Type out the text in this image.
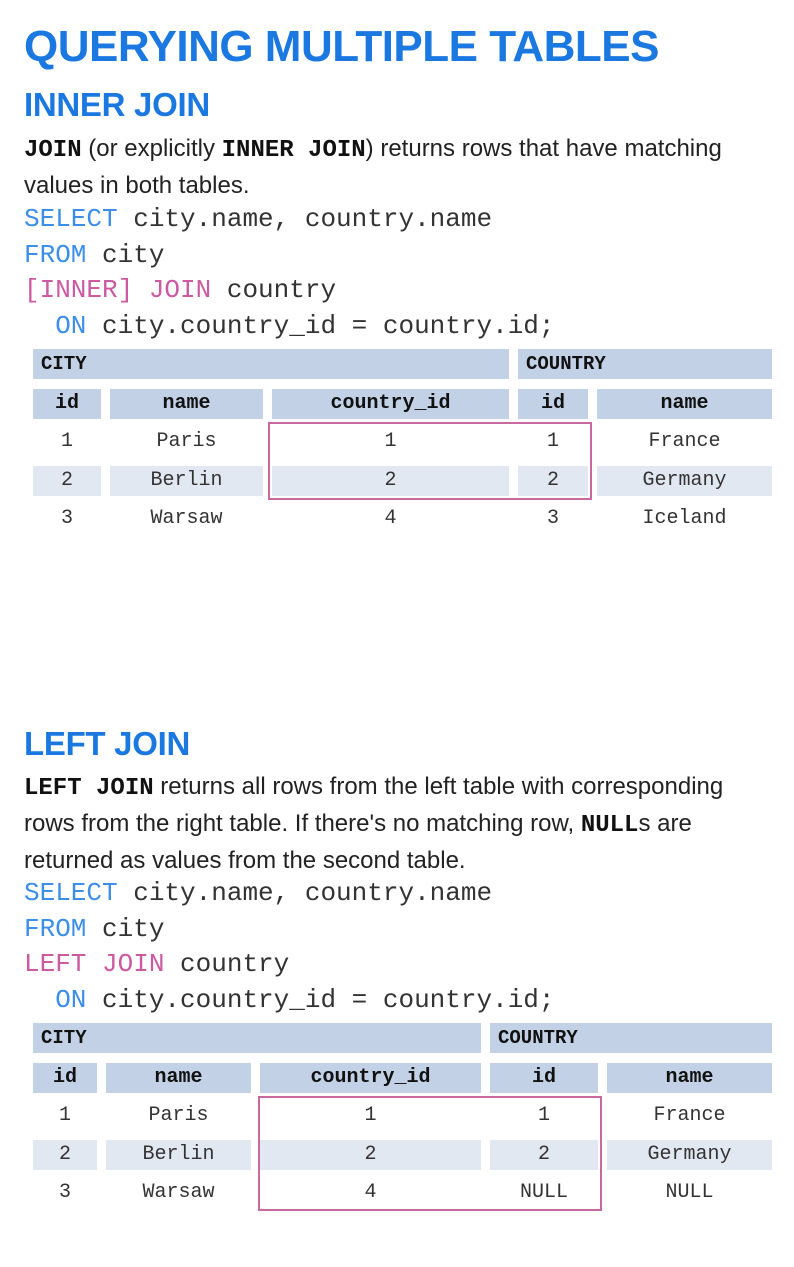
QUERYING MULTIPLE TABLES
INNER JOIN
JOIN (or explicitly INNER JOIN) returns rows that have matching values in both tables.
SELECT city.name, country.name
FROM city
[INNER] JOIN country
ON city.country_id = country.id;
CITY	COUNTRY
id	name	country_id	id	name
1	Paris	1	1	France
2	Berlin	2	2	Germany
3	Warsaw	4	3	Iceland
LEFT JOIN
LEFT JOIN returns all rows from the left table with corresponding rows from the right table. If there's no matching row, NULLs are returned as values from the second table.
SELECT city.name, country.name
FROM city
LEFT JOIN country
ON city.country_id = country.id;
CITY	COUNTRY
id	name	country_id	id	name
1	Paris	1	1	France
2	Berlin	2	2	Germany
3	Warsaw	4	NULL	NULL
